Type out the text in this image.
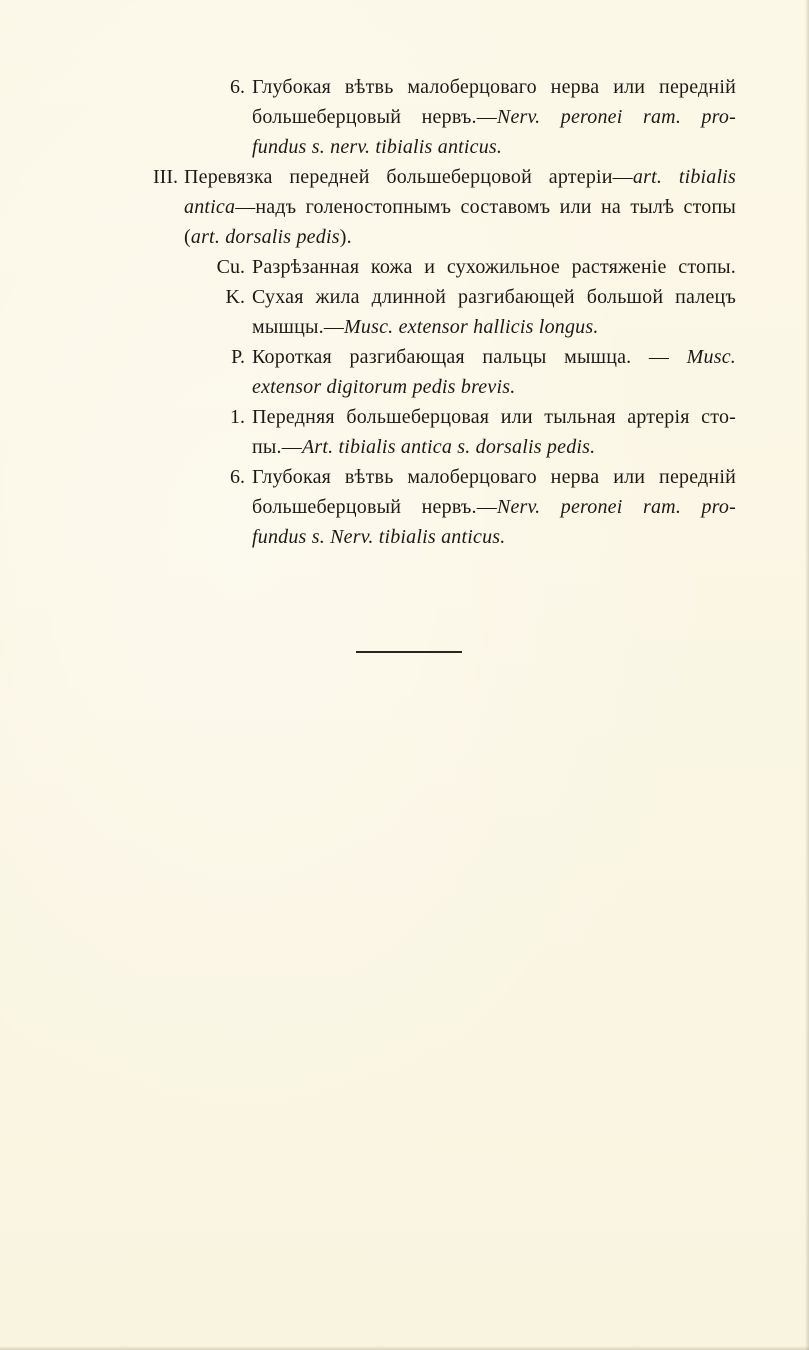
6. Глубокая вѣтвь малоберцоваго нерва или передній
большеберцовый нервъ.—Nerv. peronei ram. pro-
fundus s. nerv. tibialis anticus.
III. Перевязка передней большеберцовой артеріи—art. tibialis
antica—надъ голеностопнымъ составомъ или на тылѣ стопы
(art. dorsalis pedis).
Cu. Разрѣзанная кожа и сухожильное растяженіе стопы.
K. Сухая жила длинной разгибающей большой палецъ
мышцы.—Musc. extensor hallicis longus.
P. Короткая разгибающая пальцы мышца. — Musc.
extensor digitorum pedis brevis.
1. Передняя большеберцовая или тыльная артерія сто-
пы.—Art. tibialis antica s. dorsalis pedis.
6. Глубокая вѣтвь малоберцоваго нерва или передній
большеберцовый нервъ.—Nerv. peronei ram. pro-
fundus s. Nerv. tibialis anticus.
